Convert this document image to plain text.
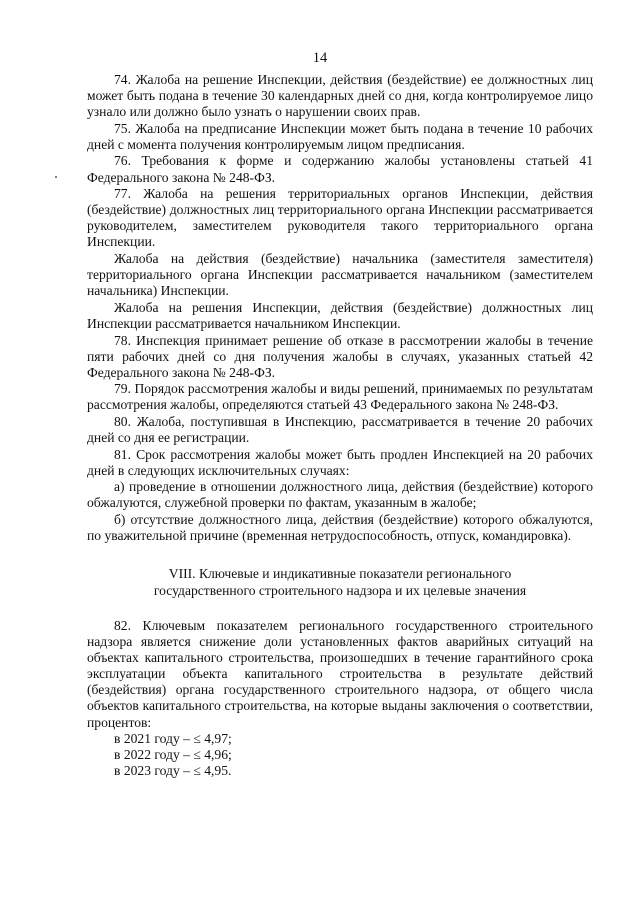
14

74. Жалоба на решение Инспекции, действия (бездействие) ее должностных лиц может быть подана в течение 30 календарных дней со дня, когда контролируемое лицо узнало или должно было узнать о нарушении своих прав.

75. Жалоба на предписание Инспекции может быть подана в течение 10 рабочих дней с момента получения контролируемым лицом предписания.

76. Требования к форме и содержанию жалобы установлены статьей 41 Федерального закона № 248-ФЗ.

77. Жалоба на решения территориальных органов Инспекции, действия (бездействие) должностных лиц территориального органа Инспекции рассматривается руководителем, заместителем руководителя такого территориального органа Инспекции.

Жалоба на действия (бездействие) начальника (заместителя заместителя) территориального органа Инспекции рассматривается начальником (заместителем начальника) Инспекции.

Жалоба на решения Инспекции, действия (бездействие) должностных лиц Инспекции рассматривается начальником Инспекции.

78. Инспекция принимает решение об отказе в рассмотрении жалобы в течение пяти рабочих дней со дня получения жалобы в случаях, указанных статьей 42 Федерального закона № 248-ФЗ.

79. Порядок рассмотрения жалобы и виды решений, принимаемых по результатам рассмотрения жалобы, определяются статьей 43 Федерального закона № 248-ФЗ.

80. Жалоба, поступившая в Инспекцию, рассматривается в течение 20 рабочих дней со дня ее регистрации.

81. Срок рассмотрения жалобы может быть продлен Инспекцией на 20 рабочих дней в следующих исключительных случаях:

а) проведение в отношении должностного лица, действия (бездействие) которого обжалуются, служебной проверки по фактам, указанным в жалобе;

б) отсутствие должностного лица, действия (бездействие) которого обжалуются, по уважительной причине (временная нетрудоспособность, отпуск, командировка).

VIII. Ключевые и индикативные показатели регионального
государственного строительного надзора и их целевые значения

82. Ключевым показателем регионального государственного строительного надзора является снижение доли установленных фактов аварийных ситуаций на объектах капитального строительства, произошедших в течение гарантийного срока эксплуатации объекта капитального строительства в результате действий (бездействия) органа государственного строительного надзора, от общего числа объектов капитального строительства, на которые выданы заключения о соответствии, процентов:

в 2021 году – ≤ 4,97;

в 2022 году – ≤ 4,96;

в 2023 году – ≤ 4,95.
